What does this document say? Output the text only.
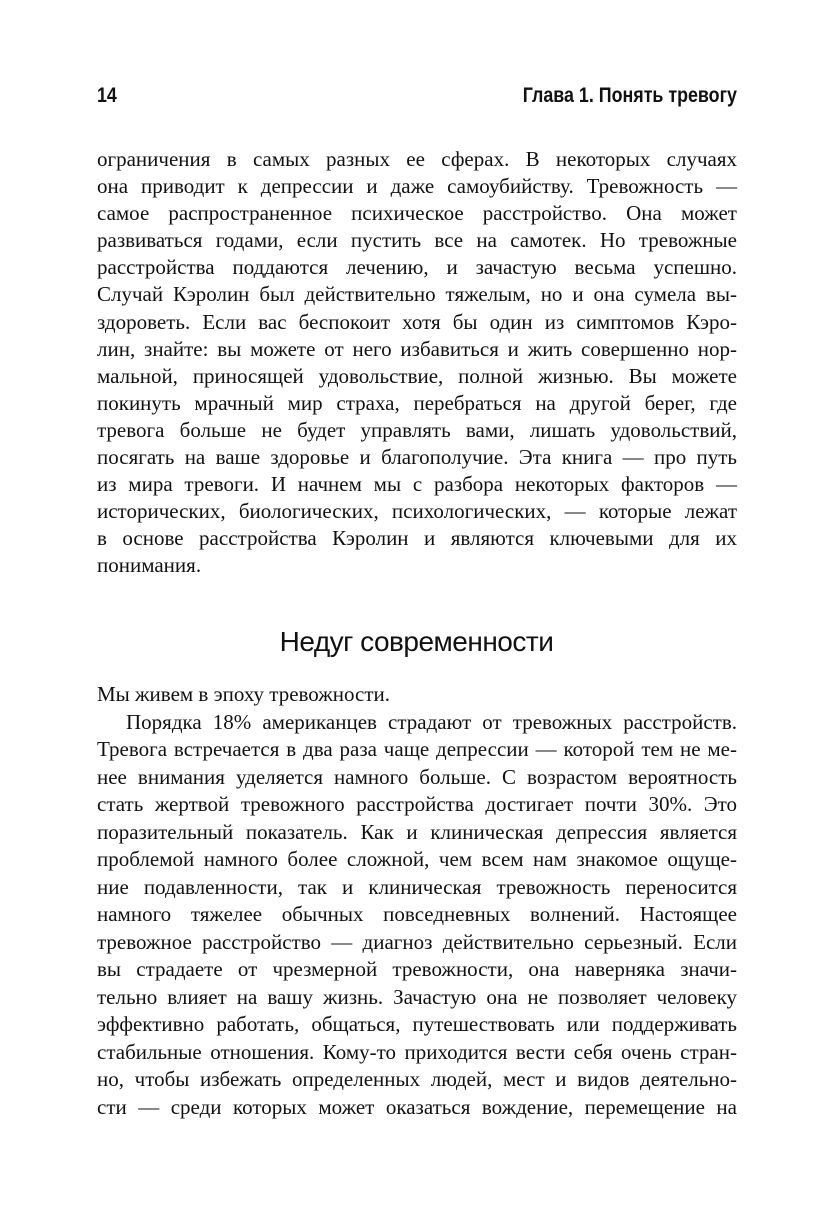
14	Глава 1. Понять тревогу
ограничения в самых разных ее сферах. В некоторых случаях
она приводит к депрессии и даже самоубийству. Тревожность —
самое распространенное психическое расстройство. Она может
развиваться годами, если пустить все на самотек. Но тревожные
расстройства поддаются лечению, и зачастую весьма успешно.
Случай Кэролин был действительно тяжелым, но и она сумела вы-
здороветь. Если вас беспокоит хотя бы один из симптомов Кэро-
лин, знайте: вы можете от него избавиться и жить совершенно нор-
мальной, приносящей удовольствие, полной жизнью. Вы можете
покинуть мрачный мир страха, перебраться на другой берег, где
тревога больше не будет управлять вами, лишать удовольствий,
посягать на ваше здоровье и благополучие. Эта книга — про путь
из мира тревоги. И начнем мы с разбора некоторых факторов —
исторических, биологических, психологических, — которые лежат
в основе расстройства Кэролин и являются ключевыми для их
понимания.
Недуг современности
Мы живем в эпоху тревожности.
Порядка 18% американцев страдают от тревожных расстройств.
Тревога встречается в два раза чаще депрессии — которой тем не ме-
нее внимания уделяется намного больше. С возрастом вероятность
стать жертвой тревожного расстройства достигает почти 30%. Это
поразительный показатель. Как и клиническая депрессия является
проблемой намного более сложной, чем всем нам знакомое ощуще-
ние подавленности, так и клиническая тревожность переносится
намного тяжелее обычных повседневных волнений. Настоящее
тревожное расстройство — диагноз действительно серьезный. Если
вы страдаете от чрезмерной тревожности, она наверняка значи-
тельно влияет на вашу жизнь. Зачастую она не позволяет человеку
эффективно работать, общаться, путешествовать или поддерживать
стабильные отношения. Кому-то приходится вести себя очень стран-
но, чтобы избежать определенных людей, мест и видов деятельно-
сти — среди которых может оказаться вождение, перемещение на
